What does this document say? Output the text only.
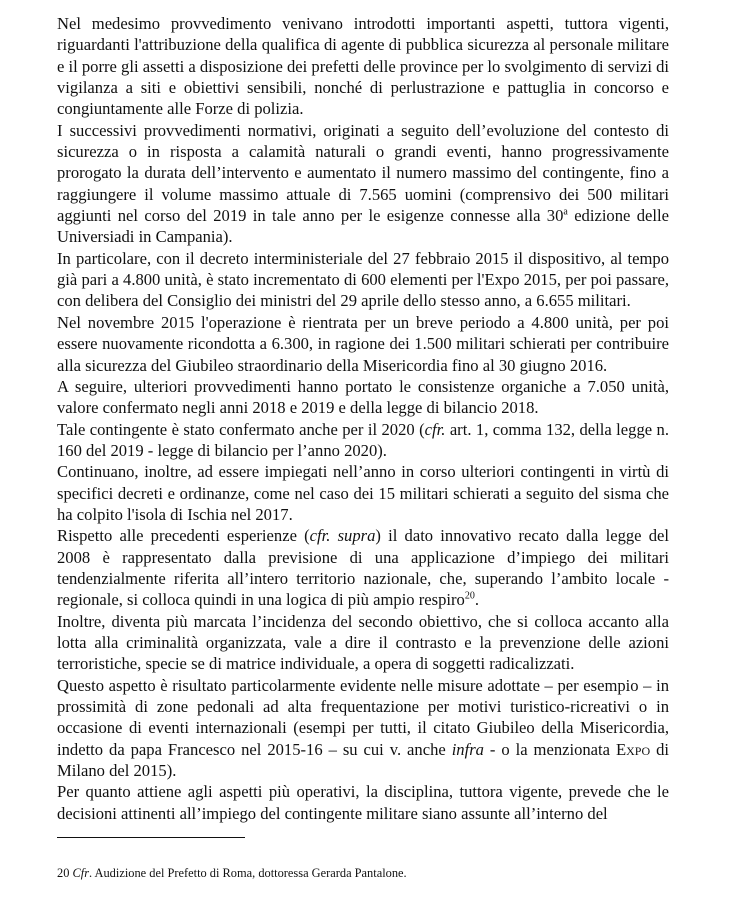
Nel medesimo provvedimento venivano introdotti importanti aspetti, tuttora vigenti, riguardanti l'attribuzione della qualifica di agente di pubblica sicurezza al personale militare e il porre gli assetti a disposizione dei prefetti delle province per lo svolgimento di servizi di vigilanza a siti e obiettivi sensibili, nonché di perlustrazione e pattuglia in concorso e congiuntamente alle Forze di polizia.

I successivi provvedimenti normativi, originati a seguito dell’evoluzione del contesto di sicurezza o in risposta a calamità naturali o grandi eventi, hanno progressivamente prorogato la durata dell’intervento e aumentato il numero massimo del contingente, fino a raggiungere il volume massimo attuale di 7.565 uomini (comprensivo dei 500 militari aggiunti nel corso del 2019 in tale anno per le esigenze connesse alla 30$^a$ edizione delle Universiadi in Campania).

In particolare, con il decreto interministeriale del 27 febbraio 2015 il dispositivo, al tempo già pari a 4.800 unità, è stato incrementato di 600 elementi per l'Expo 2015, per poi passare, con delibera del Consiglio dei ministri del 29 aprile dello stesso anno, a 6.655 militari.

Nel novembre 2015 l'operazione è rientrata per un breve periodo a 4.800 unità, per poi essere nuovamente ricondotta a 6.300, in ragione dei 1.500 militari schierati per contribuire alla sicurezza del Giubileo straordinario della Misericordia fino al 30 giugno 2016.

A seguire, ulteriori provvedimenti hanno portato le consistenze organiche a 7.050 unità, valore confermato negli anni 2018 e 2019 e della legge di bilancio 2018.

Tale contingente è stato confermato anche per il 2020 (cfr. art. 1, comma 132, della legge n. 160 del 2019 - legge di bilancio per l’anno 2020).

Continuano, inoltre, ad essere impiegati nell’anno in corso ulteriori contingenti in virtù di specifici decreti e ordinanze, come nel caso dei 15 militari schierati a seguito del sisma che ha colpito l'isola di Ischia nel 2017.

Rispetto alle precedenti esperienze (cfr. supra) il dato innovativo recato dalla legge del 2008 è rappresentato dalla previsione di una applicazione d’impiego dei militari tendenzialmente riferita all’intero territorio nazionale, che, superando l’ambito locale - regionale, si colloca quindi in una logica di più ampio respiro$^{20}$.

Inoltre, diventa più marcata l’incidenza del secondo obiettivo, che si colloca accanto alla lotta alla criminalità organizzata, vale a dire il contrasto e la prevenzione delle azioni terroristiche, specie se di matrice individuale, a opera di soggetti radicalizzati.

Questo aspetto è risultato particolarmente evidente nelle misure adottate – per esempio – in prossimità di zone pedonali ad alta frequentazione per motivi turistico-ricreativi o in occasione di eventi internazionali (esempi per tutti, il citato Giubileo della Misericordia, indetto da papa Francesco nel 2015-16 – su cui v. anche infra - o la menzionata Expo di Milano del 2015).

Per quanto attiene agli aspetti più operativi, la disciplina, tuttora vigente, prevede che le decisioni attinenti all’impiego del contingente militare siano assunte all’interno del

20 Cfr. Audizione del Prefetto di Roma, dottoressa Gerarda Pantalone.
